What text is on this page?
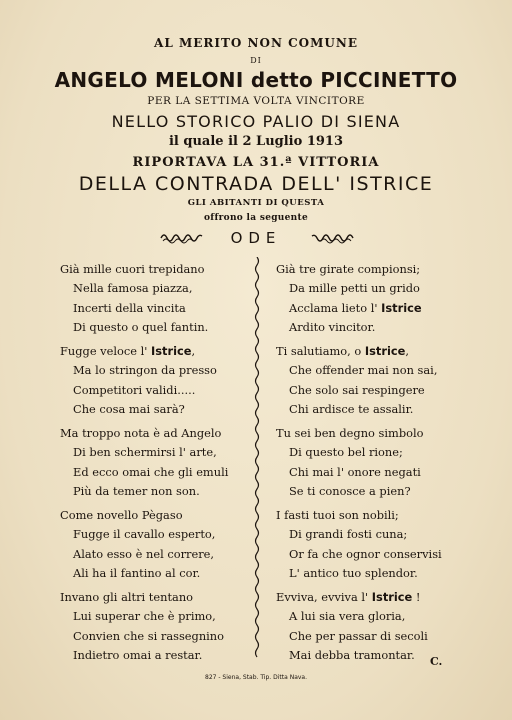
AL MERITO NON COMUNE
DI
ANGELO MELONI detto PICCINETTO
PER LA SETTIMA VOLTA VINCITORE
NELLO STORICO PALIO DI SIENA
il quale il 2 Luglio 1913
RIPORTAVA LA 31.ª VITTORIA
DELLA CONTRADA DELL' ISTRICE
GLI ABITANTI DI QUESTA
offrono la seguente
ODE
Già mille cuori trepidano
Nella famosa piazza,
Incerti della vincita
Di questo o quel fantin.
Fugge veloce l' Istrice,
Ma lo stringon da presso
Competitori validi.....
Che cosa mai sarà?
Ma troppo nota è ad Angelo
Di ben schermirsi l' arte,
Ed ecco omai che gli emuli
Più da temer non son.
Come novello Pègaso
Fugge il cavallo esperto,
Alato esso è nel correre,
Ali ha il fantino al cor.
Invano gli altri tentano
Lui superar che è primo,
Convien che si rassegnino
Indietro omai a restar.
Già tre girate compionsi;
Da mille petti un grido
Acclama lieto l' Istrice
Ardito vincitor.
Ti salutiamo, o Istrice,
Che offender mai non sai,
Che solo sai respingere
Chi ardisce te assalir.
Tu sei ben degno simbolo
Di questo bel rione;
Chi mai l' onore negati
Se ti conosce a pien?
I fasti tuoi son nobili;
Di grandi fosti cuna;
Or fa che ognor conservisi
L' antico tuo splendor.
Evviva, evviva l' Istrice !
A lui sia vera gloria,
Che per passar di secoli
Mai debba tramontar.	C.
827 - Siena, Stab. Tip. Ditta Nava.
